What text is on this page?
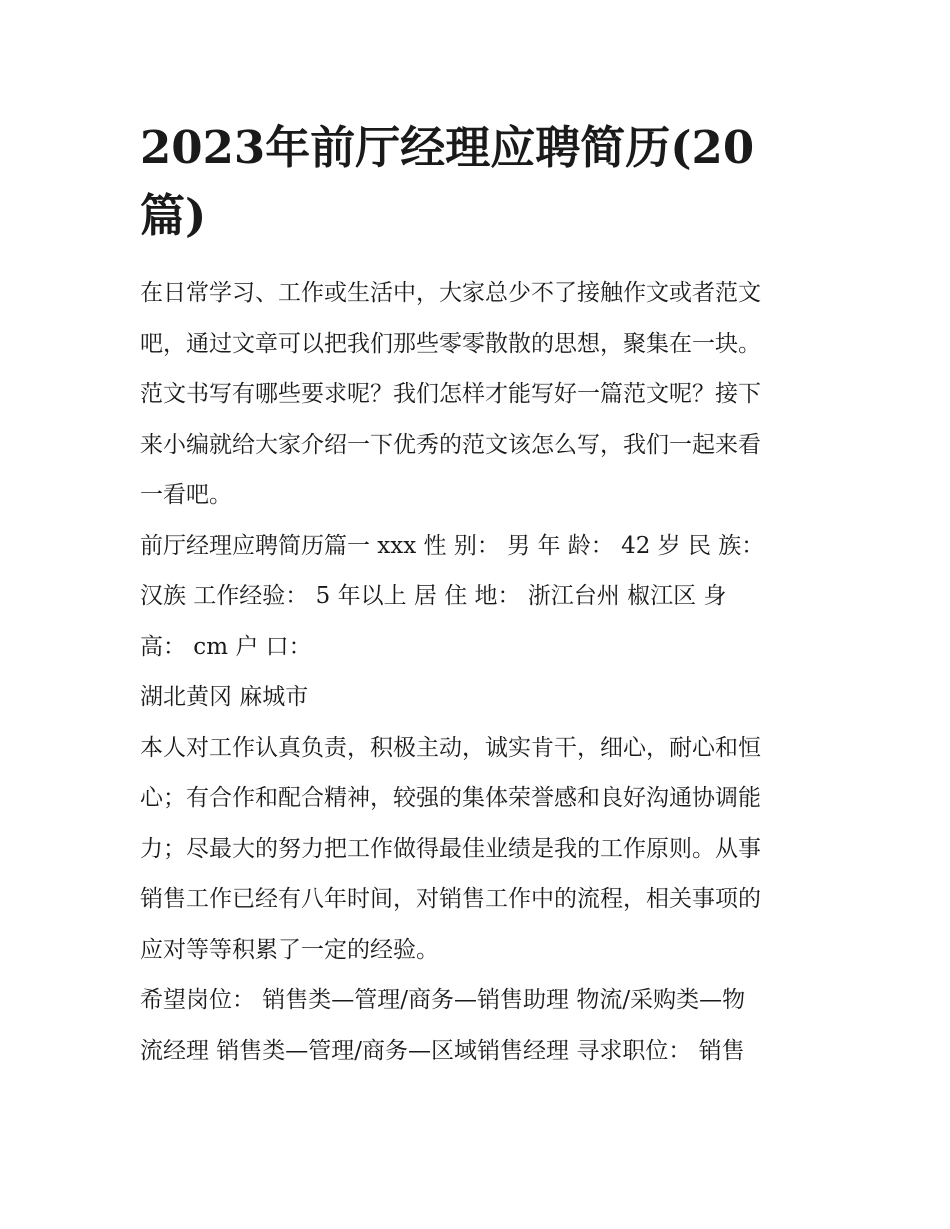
2023年前厅经理应聘简历(20
篇)

在日常学习、工作或生活中，大家总少不了接触作文或者范文
吧，通过文章可以把我们那些零零散散的思想，聚集在一块。
范文书写有哪些要求呢？我们怎样才能写好一篇范文呢？接下
来小编就给大家介绍一下优秀的范文该怎么写，我们一起来看
一看吧。

前厅经理应聘简历篇一 xxx 性 别： 男 年 龄： 42 岁 民 族：
汉族 工作经验： 5 年以上 居 住 地： 浙江台州 椒江区 身
高： cm 户 口：

湖北黄冈 麻城市

本人对工作认真负责，积极主动，诚实肯干，细心，耐心和恒
心；有合作和配合精神，较强的集体荣誉感和良好沟通协调能
力；尽最大的努力把工作做得最佳业绩是我的工作原则。从事
销售工作已经有八年时间，对销售工作中的流程，相关事项的
应对等等积累了一定的经验。

希望岗位： 销售类—管理/商务—销售助理 物流/采购类—物
流经理 销售类—管理/商务—区域销售经理 寻求职位： 销售
